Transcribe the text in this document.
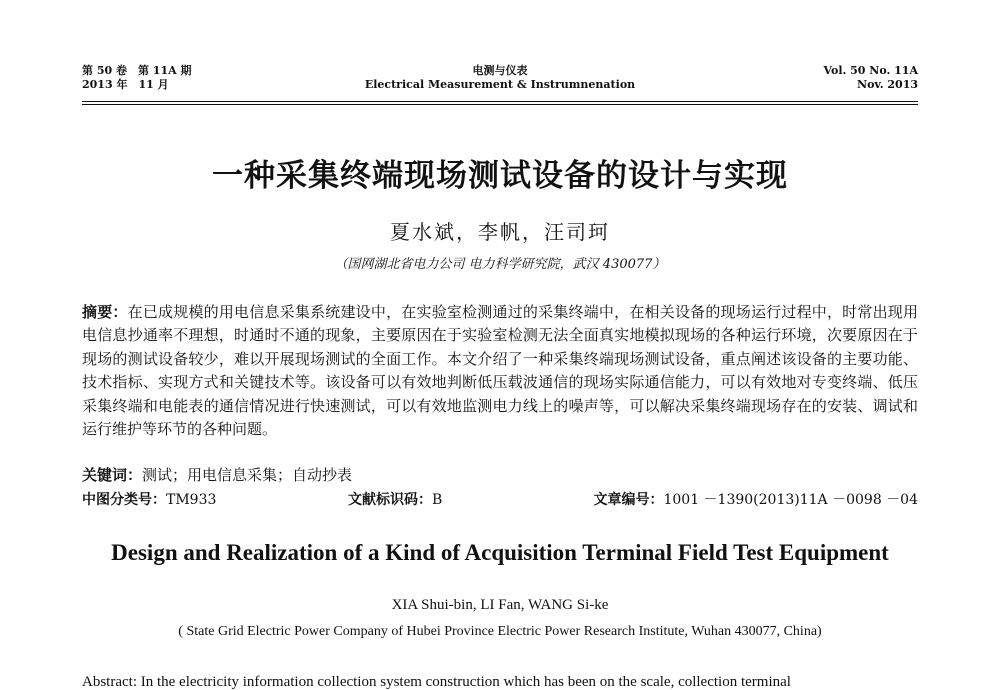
第 50 卷　第 11A 期
2013 年　11 月
电测与仪表
Electrical Measurement & Instrumnenation
Vol. 50 No. 11A
Nov. 2013
一种采集终端现场测试设备的设计与实现
夏水斌，李帆，汪司珂
（国网湖北省电力公司 电力科学研究院，武汉 430077）
摘要：在已成规模的用电信息采集系统建设中，在实验室检测通过的采集终端中，在相关设备的现场运行过程中，时常出现用电信息抄通率不理想，时通时不通的现象，主要原因在于实验室检测无法全面真实地模拟现场的各种运行环境，次要原因在于现场的测试设备较少，难以开展现场测试的全面工作。本文介绍了一种采集终端现场测试设备，重点阐述该设备的主要功能、技术指标、实现方式和关键技术等。该设备可以有效地判断低压载波通信的现场实际通信能力，可以有效地对专变终端、低压采集终端和电能表的通信情况进行快速测试，可以有效地监测电力线上的噪声等，可以解决采集终端现场存在的安装、调试和运行维护等环节的各种问题。
关键词：测试；用电信息采集；自动抄表
中图分类号：TM933	文献标识码：B	文章编号：1001 －1390(2013)11A －0098 －04
Design and Realization of a Kind of Acquisition Terminal Field Test Equipment
XIA Shui-bin, LI Fan, WANG Si-ke
( State Grid Electric Power Company of Hubei Province Electric Power Research Institute, Wuhan 430077, China)
Abstract: In the electricity information collection system construction which has been on the scale, collection terminal
